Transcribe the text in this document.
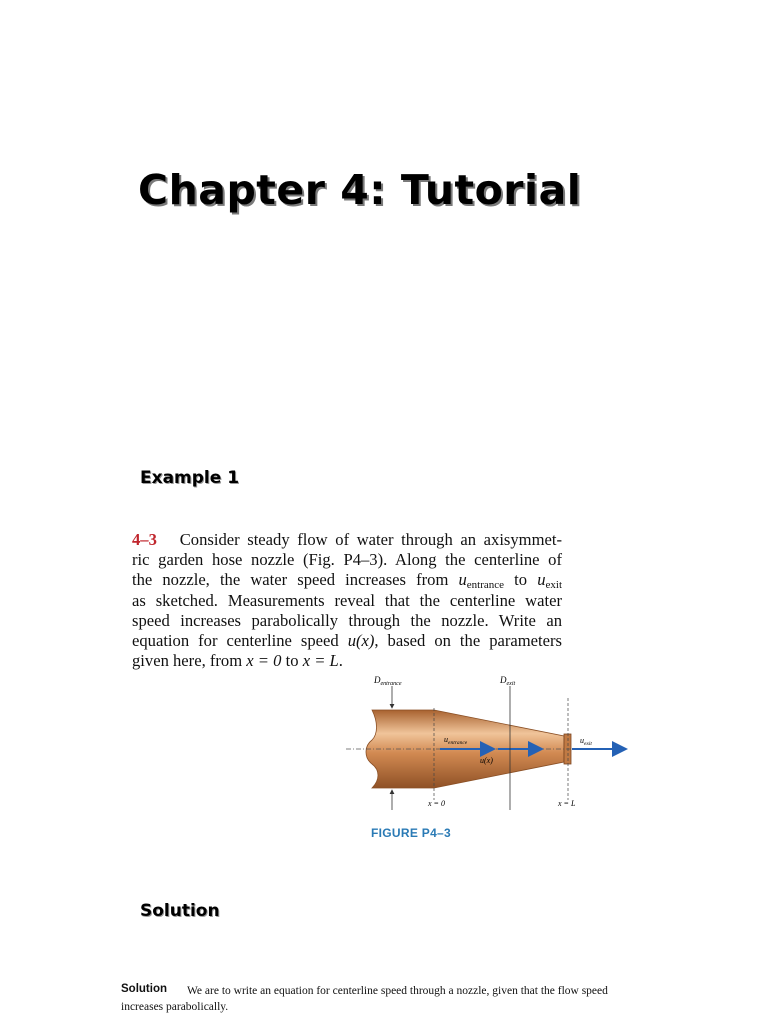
Chapter 4: Tutorial
Example 1

4–3 Consider steady flow of water through an axisymmet-
ric garden hose nozzle (Fig. P4–3). Along the centerline of
the nozzle, the water speed increases from $u_{entrance}$ to $u_{exit}$
as sketched. Measurements reveal that the centerline water
speed increases parabolically through the nozzle. Write an
equation for centerline speed u(x), based on the parameters
given here, from x = 0 to x = L.

$D_{entrance}$	$D_{exit}$
$u_{entrance}$	$u_{exit}$
u(x)
x = 0	x = L
FIGURE P4–3
Solution

We are to write an equation for centerline speed through a nozzle, given that the flow speed increases parabolically.

Solution
